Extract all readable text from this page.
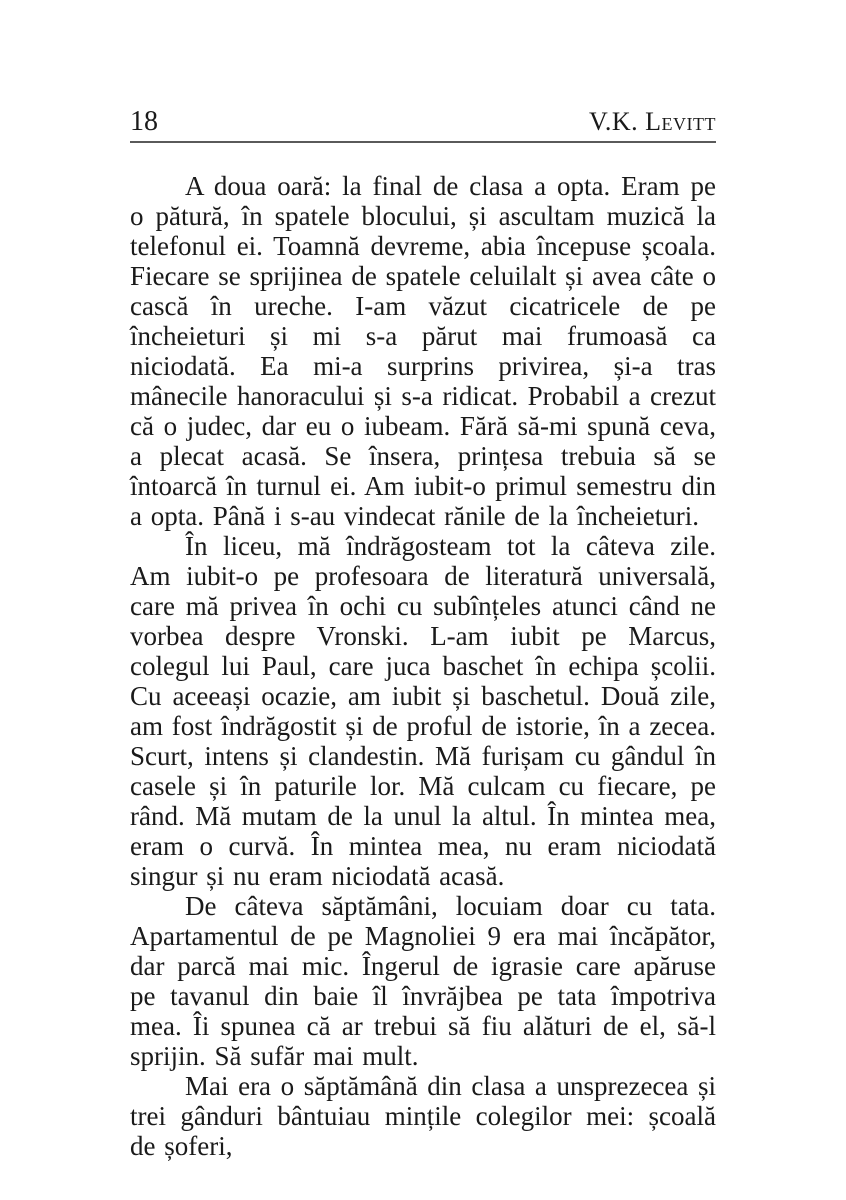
18	V.K. Levitt

A doua oară: la final de clasa a opta. Eram pe o pătură, în spatele blocului, și ascultam muzică la telefonul ei. Toamnă devreme, abia începuse școala. Fiecare se sprijinea de spatele celuilalt și avea câte o cască în ureche. I-am văzut cicatricele de pe încheieturi și mi s-a părut mai frumoasă ca niciodată. Ea mi-a surprins privirea, și-a tras mânecile hanoracului și s-a ridicat. Probabil a crezut că o judec, dar eu o iubeam. Fără să-mi spună ceva, a plecat acasă. Se însera, prințesa trebuia să se întoarcă în turnul ei. Am iubit-o primul semestru din a opta. Până i s-au vindecat rănile de la încheieturi.

În liceu, mă îndrăgosteam tot la câteva zile. Am iubit-o pe profesoara de literatură universală, care mă privea în ochi cu subînțeles atunci când ne vorbea despre Vronski. L-am iubit pe Marcus, colegul lui Paul, care juca baschet în echipa școlii. Cu aceeași ocazie, am iubit și baschetul. Două zile, am fost îndrăgostit și de proful de istorie, în a zecea. Scurt, intens și clandestin. Mă furișam cu gândul în casele și în paturile lor. Mă culcam cu fiecare, pe rând. Mă mutam de la unul la altul. În mintea mea, eram o curvă. În mintea mea, nu eram niciodată singur și nu eram niciodată acasă.

De câteva săptămâni, locuiam doar cu tata. Apartamentul de pe Magnoliei 9 era mai încăpător, dar parcă mai mic. Îngerul de igrasie care apăruse pe tavanul din baie îl învrăjbea pe tata împotriva mea. Îi spunea că ar trebui să fiu alături de el, să-l sprijin. Să sufăr mai mult.

Mai era o săptămână din clasa a unsprezecea și trei gânduri bântuiau mințile colegilor mei: școală de șoferi,
